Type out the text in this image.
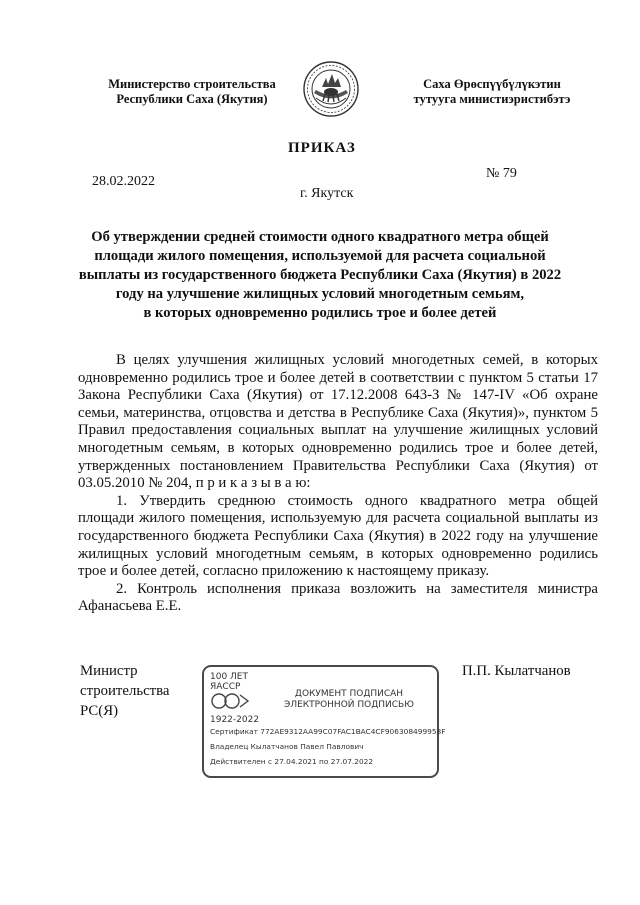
Министерство строительства
Республики Саха (Якутия)
Саха Өрөспүүбүлүкэтин
тутууга министиэристибэтэ
ПРИКАЗ
28.02.2022
№ 79
г. Якутск
Об утверждении средней стоимости одного квадратного метра общей
площади жилого помещения, используемой для расчета социальной
выплаты из государственного бюджета Республики Саха (Якутия) в 2022
году на улучшение жилищных условий многодетным семьям,
в которых одновременно родились трое и более детей

В целях улучшения жилищных условий многодетных семей, в которых одновременно родились трое и более детей в соответствии с пунктом 5 статьи 17 Закона Республики Саха (Якутия) от 17.12.2008 643-З № 147-IV «Об охране семьи, материнства, отцовства и детства в Республике Саха (Якутия)», пунктом 5 Правил предоставления социальных выплат на улучшение жилищных условий многодетным семьям, в которых одновременно родились трое и более детей, утвержденных постановлением Правительства Республики Саха (Якутия) от 03.05.2010 № 204, п р и к а з ы в а ю:

1. Утвердить среднюю стоимость одного квадратного метра общей площади жилого помещения, используемую для расчета социальной выплаты из государственного бюджета Республики Саха (Якутия) в 2022 году на улучшение жилищных условий многодетным семьям, в которых одновременно родились трое и более детей, согласно приложению к настоящему приказу.

2. Контроль исполнения приказа возложить на заместителя министра Афанасьева Е.Е.

Министр
строительства
РС(Я)
100 ЛЕТ
ЯАССР
1922-2022
ДОКУМЕНТ ПОДПИСАН
ЭЛЕКТРОННОЙ ПОДПИСЬЮ
Сертификат 772AE9312AA99C07FAC1BAC4CF906308499958F
Владелец Кылатчанов Павел Павлович
Действителен с 27.04.2021 по 27.07.2022
П.П. Кылатчанов
